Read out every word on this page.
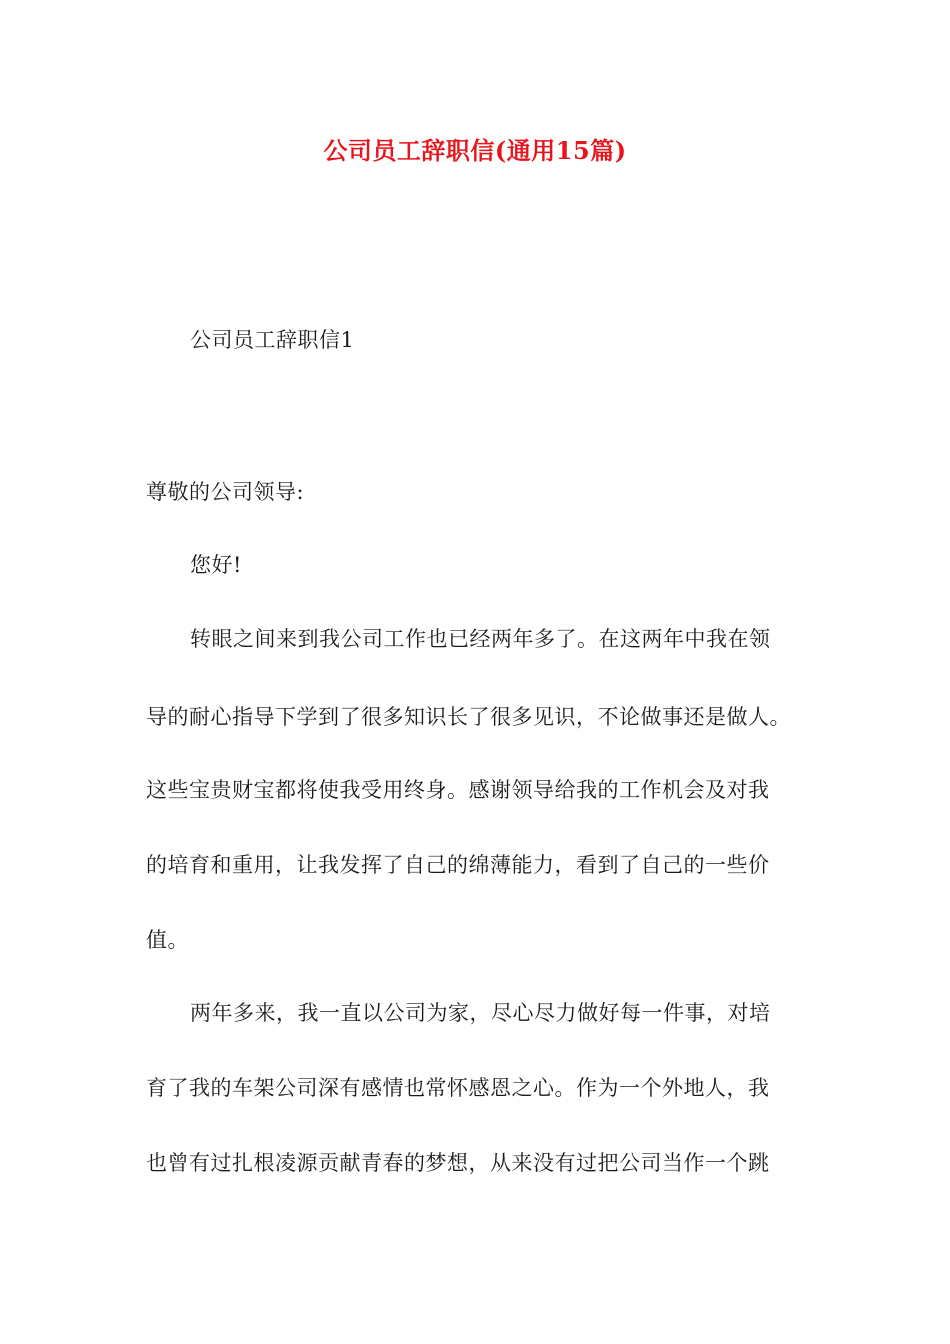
公司员工辞职信(通用15篇)
公司员工辞职信1
尊敬的公司领导:
您好!
转眼之间来到我公司工作也已经两年多了。在这两年中我在领
导的耐心指导下学到了很多知识长了很多见识，不论做事还是做人。
这些宝贵财宝都将使我受用终身。感谢领导给我的工作机会及对我
的培育和重用，让我发挥了自己的绵薄能力，看到了自己的一些价
值。
两年多来，我一直以公司为家，尽心尽力做好每一件事，对培
育了我的车架公司深有感情也常怀感恩之心。作为一个外地人，我
也曾有过扎根凌源贡献青春的梦想，从来没有过把公司当作一个跳
